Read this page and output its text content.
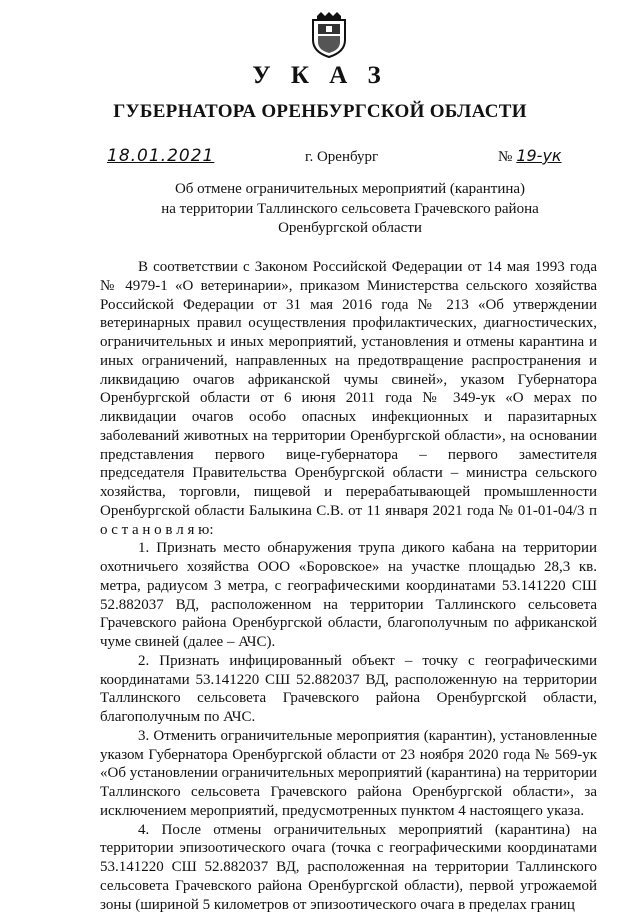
У К А З
ГУБЕРНАТОРА ОРЕНБУРГСКОЙ ОБЛАСТИ
18.01.2021	г. Оренбург	№ 19-ук
Об отмене ограничительных мероприятий (карантина)
на территории Таллинского сельсовета Грачевского района
Оренбургской области

В соответствии с Законом Российской Федерации от 14 мая 1993 года № 4979-1 «О ветеринарии», приказом Министерства сельского хозяйства Российской Федерации от 31 мая 2016 года № 213 «Об утверждении ветеринарных правил осуществления профилактических, диагностических, ограничительных и иных мероприятий, установления и отмены карантина и иных ограничений, направленных на предотвращение распространения и ликвидацию очагов африканской чумы свиней», указом Губернатора Оренбургской области от 6 июня 2011 года № 349-ук «О мерах по ликвидации очагов особо опасных инфекционных и паразитарных заболеваний животных на территории Оренбургской области», на основании представления первого вице-губернатора – первого заместителя председателя Правительства Оренбургской области – министра сельского хозяйства, торговли, пищевой и перерабатывающей промышленности Оренбургской области Балыкина С.В. от 11 января 2021 года № 01-01-04/3 п о с т а н о в л я ю:

1. Признать место обнаружения трупа дикого кабана на территории охотничьего хозяйства ООО «Боровское» на участке площадью 28,3 кв. метра, радиусом 3 метра, с географическими координатами 53.141220 СШ 52.882037 ВД, расположенном на территории Таллинского сельсовета Грачевского района Оренбургской области, благополучным по африканской чуме свиней (далее – АЧС).

2. Признать инфицированный объект – точку с географическими координатами 53.141220 СШ 52.882037 ВД, расположенную на территории Таллинского сельсовета Грачевского района Оренбургской области, благополучным по АЧС.

3. Отменить ограничительные мероприятия (карантин), установленные указом Губернатора Оренбургской области от 23 ноября 2020 года № 569-ук «Об установлении ограничительных мероприятий (карантина) на территории Таллинского сельсовета Грачевского района Оренбургской области», за исключением мероприятий, предусмотренных пунктом 4 настоящего указа.

4. После отмены ограничительных мероприятий (карантина) на территории эпизоотического очага (точка с географическими координатами 53.141220 СШ 52.882037 ВД, расположенная на территории Таллинского сельсовета Грачевского района Оренбургской области), первой угрожаемой зоны (шириной 5 километров от эпизоотического очага в пределах границ
